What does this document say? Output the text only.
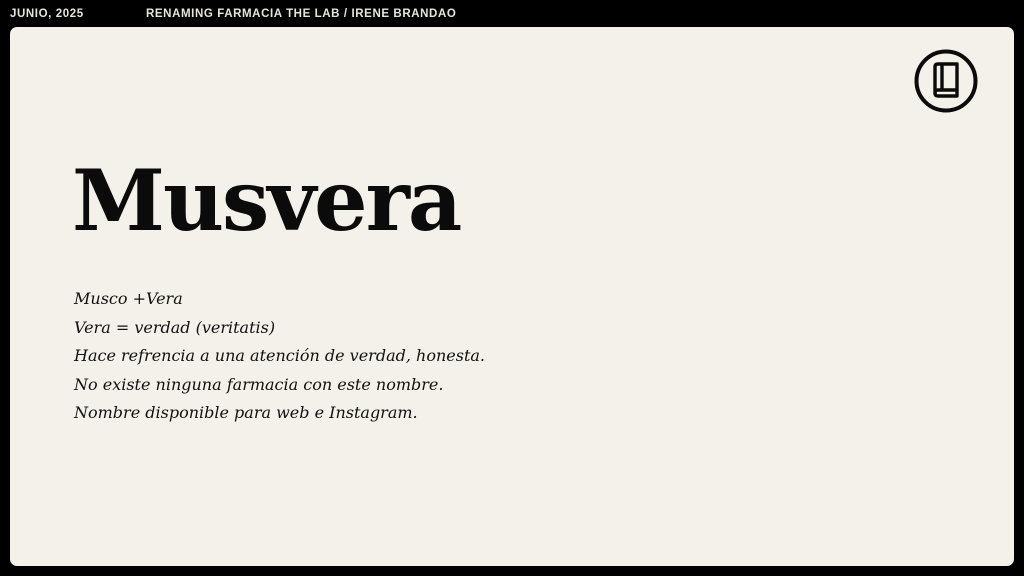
JUNIO, 2025	RENAMING FARMACIA THE LAB / IRENE BRANDAO
Musvera
Musco +Vera
Vera = verdad (veritatis)
Hace refrencia a una atención de verdad, honesta.
No existe ninguna farmacia con este nombre.
Nombre disponible para web e Instagram.
